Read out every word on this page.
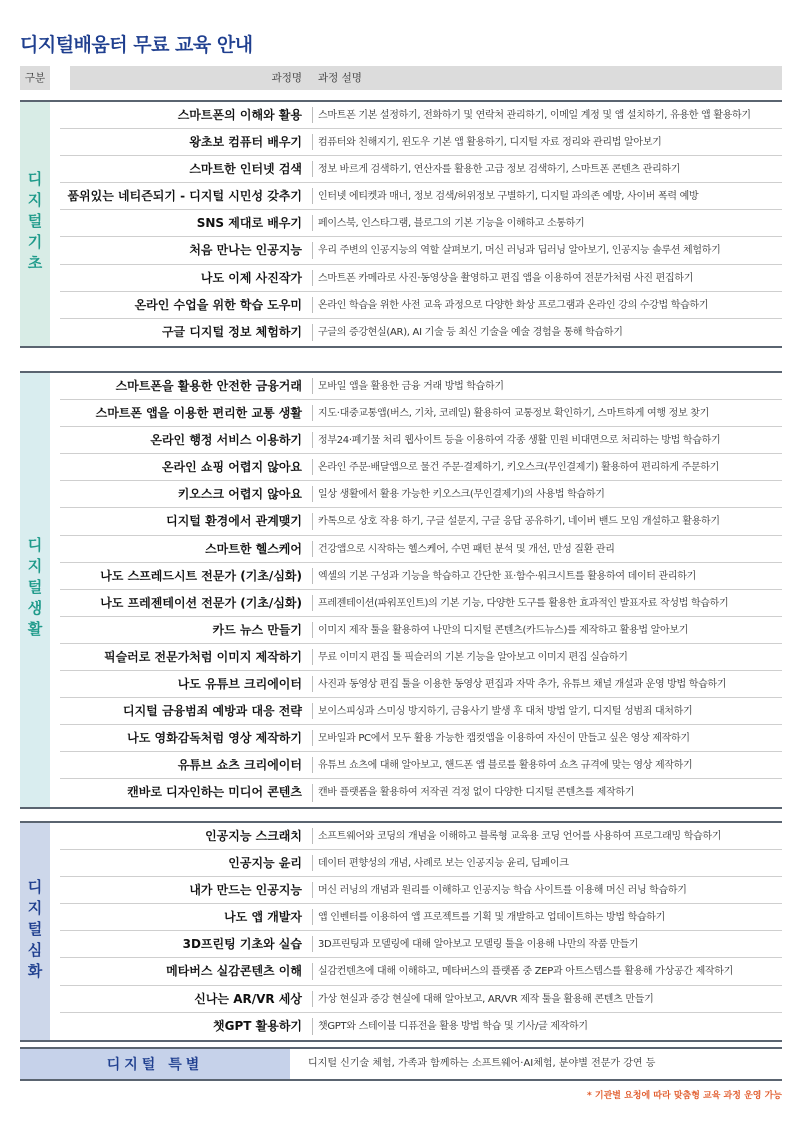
디지털배움터 무료 교육 안내
구분	과정명	과정 설명
디지털기초
스마트폰의 이해와 활용	스마트폰 기본 설정하기, 전화하기 및 연락처 관리하기, 이메일 계정 및 앱 설치하기, 유용한 앱 활용하기
왕초보 컴퓨터 배우기	컴퓨터와 친해지기, 윈도우 기본 앱 활용하기, 디지털 자료 정리와 관리법 알아보기
스마트한 인터넷 검색	정보 바르게 검색하기, 연산자를 활용한 고급 정보 검색하기, 스마트폰 콘텐츠 관리하기
품위있는 네티즌되기 - 디지털 시민성 갖추기	인터넷 에티켓과 매너, 정보 검색/허위정보 구별하기, 디지털 과의존 예방, 사이버 폭력 예방
SNS 제대로 배우기	페이스북, 인스타그램, 블로그의 기본 기능을 이해하고 소통하기
처음 만나는 인공지능	우리 주변의 인공지능의 역할 살펴보기, 머신 러닝과 딥러닝 알아보기, 인공지능 솔루션 체험하기
나도 이제 사진작가	스마트폰 카메라로 사진·동영상을 촬영하고 편집 앱을 이용하여 전문가처럼 사진 편집하기
온라인 수업을 위한 학습 도우미	온라인 학습을 위한 사전 교육 과정으로 다양한 화상 프로그램과 온라인 강의 수강법 학습하기
구글 디지털 정보 체험하기	구글의 증강현실(AR), AI 기술 등 최신 기술을 예술 경험을 통해 학습하기
디지털생활
스마트폰을 활용한 안전한 금융거래	모바일 앱을 활용한 금융 거래 방법 학습하기
스마트폰 앱을 이용한 편리한 교통 생활	지도·대중교통앱(버스, 기차, 코레일) 활용하여 교통정보 확인하기, 스마트하게 여행 정보 찾기
온라인 행정 서비스 이용하기	정부24·폐기물 처리 웹사이트 등을 이용하여 각종 생활 민원 비대면으로 처리하는 방법 학습하기
온라인 쇼핑 어렵지 않아요	온라인 주문·배달앱으로 물건 주문·결제하기, 키오스크(무인결제기) 활용하여 편리하게 주문하기
키오스크 어렵지 않아요	일상 생활에서 활용 가능한 키오스크(무인결제기)의 사용법 학습하기
디지털 환경에서 관계맺기	카톡으로 상호 작용 하기, 구글 설문지, 구글 응답 공유하기, 네이버 밴드 모임 개설하고 활용하기
스마트한 헬스케어	건강앱으로 시작하는 헬스케어, 수면 패턴 분석 및 개선, 만성 질환 관리
나도 스프레드시트 전문가 (기초/심화)	엑셀의 기본 구성과 기능을 학습하고 간단한 표·함수·워크시트를 활용하여 데이터 관리하기
나도 프레젠테이션 전문가 (기초/심화)	프레젠테이션(파워포인트)의 기본 기능, 다양한 도구를 활용한 효과적인 발표자료 작성법 학습하기
카드 뉴스 만들기	이미지 제작 툴을 활용하여 나만의 디지털 콘텐츠(카드뉴스)를 제작하고 활용법 알아보기
픽슬러로 전문가처럼 이미지 제작하기	무료 이미지 편집 툴 픽슬러의 기본 기능을 알아보고 이미지 편집 실습하기
나도 유튜브 크리에이터	사진과 동영상 편집 툴을 이용한 동영상 편집과 자막 추가, 유튜브 채널 개설과 운영 방법 학습하기
디지털 금융범죄 예방과 대응 전략	보이스피싱과 스미싱 방지하기, 금융사기 발생 후 대처 방법 알기, 디지털 성범죄 대처하기
나도 영화감독처럼 영상 제작하기	모바일과 PC에서 모두 활용 가능한 캡컷앱을 이용하여 자신이 만들고 싶은 영상 제작하기
유튜브 쇼츠 크리에이터	유튜브 쇼츠에 대해 알아보고, 핸드폰 앱 블로를 활용하여 쇼츠 규격에 맞는 영상 제작하기
캔바로 디자인하는 미디어 콘텐츠	캔바 플랫폼을 활용하여 저작권 걱정 없이 다양한 디지털 콘텐츠를 제작하기
디지털심화
인공지능 스크래치	소프트웨어와 코딩의 개념을 이해하고 블록형 교육용 코딩 언어를 사용하여 프로그래밍 학습하기
인공지능 윤리	데이터 편향성의 개념, 사례로 보는 인공지능 윤리, 딥페이크
내가 만드는 인공지능	머신 러닝의 개념과 원리를 이해하고 인공지능 학습 사이트를 이용해 머신 러닝 학습하기
나도 앱 개발자	앱 인벤터를 이용하여 앱 프로젝트를 기획 및 개발하고 업데이트하는 방법 학습하기
3D프린팅 기초와 실습	3D프린팅과 모델링에 대해 알아보고 모델링 툴을 이용해 나만의 작품 만들기
메타버스 실감콘텐츠 이해	실감컨텐츠에 대해 이해하고, 메타버스의 플랫폼 중 ZEP과 아트스텝스를 활용해 가상공간 제작하기
신나는 AR/VR 세상	가상 현실과 증강 현실에 대해 알아보고, AR/VR 제작 툴을 활용해 콘텐츠 만들기
챗GPT 활용하기	챗GPT와 스테이블 디퓨전을 활용 방법 학습 및 기사/글 제작하기
디지털 특별	디지털 신기술 체험, 가족과 함께하는 소프트웨어·AI체험, 분야별 전문가 강연 등
* 기관별 요청에 따라 맞춤형 교육 과정 운영 가능
